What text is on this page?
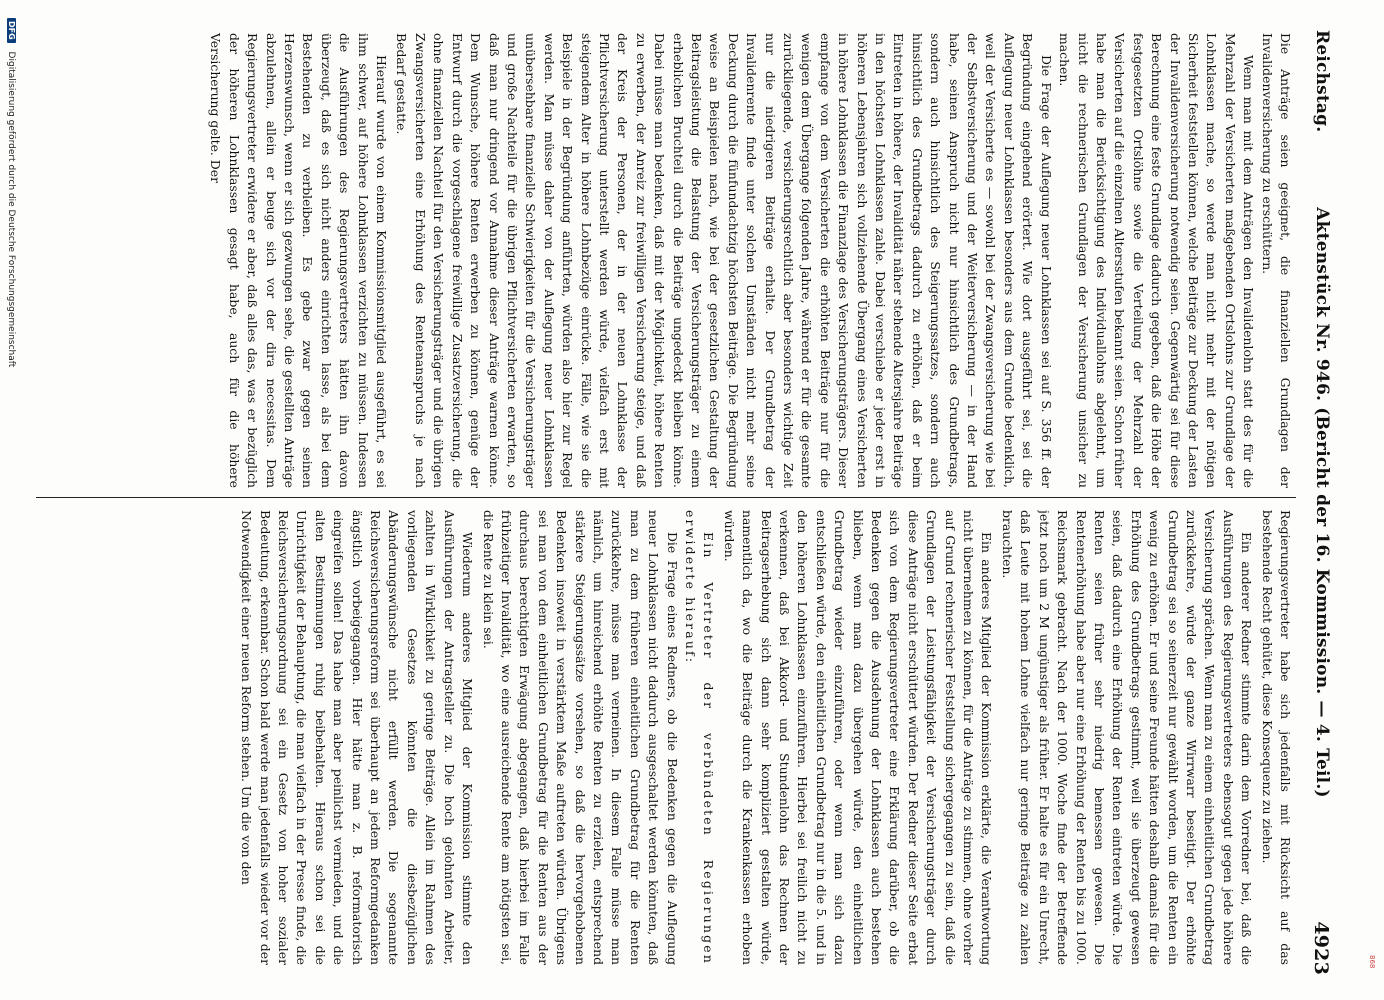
868
Reichstag.
Aktenstück Nr. 946. (Bericht der 16. Kommission. — 4. Teil.)
4923

Die Anträge seien geeignet, die finanziellen Grundlagen der Invalidenversicherung zu erschüttern.

Wenn man mit dem Anträgen den Invalidenlohn statt des für die Mehrzahl der Versicherten maßgebenden Ortslohns zur Grundlage der Lohnklassen mache, so werde man nicht mehr mit der nötigen Sicherheit feststellen können, welche Beiträge zur Deckung der Lasten der Invalidenversicherung notwendig seien. Gegenwärtig sei für diese Berechnung eine feste Grundlage dadurch gegeben, daß die Höhe der festgesetzten Ortslöhne sowie die Verteilung der Mehrzahl der Versicherten auf die einzelnen Altersstufen bekannt seien. Schon früher habe man die Berücksichtigung des Individuallohns abgelehnt, um nicht die rechnerischen Grundlagen der Versicherung unsicher zu machen.

Die Frage der Auflegung neuer Lohnklassen sei auf S. 356 ff. der Begründung eingehend erörtert. Wie dort ausgeführt sei, sei die Auflegung neuer Lohnklassen besonders aus dem Grunde bedenklich, weil der Versicherte es — sowohl bei der Zwangsversicherung wie bei der Selbstversicherung und der Weiterversicherung — in der Hand habe, seinen Anspruch nicht nur hinsichtlich des Grundbetrags, sondern auch hinsichtlich des Steigerungssatzes, sondern auch hinsichtlich des Grundbetrags dadurch zu erhöhen, daß er beim Eintreten in höhere, der Invalidität näher stehende Altersjahre Beiträge in den höchsten Lohnklassen zahle. Dabei verschiebe er jeder erst in höheren Lebensjahren sich vollziehende Übergang eines Versicherten in höhere Lohnklassen die Finanzlage des Versicherungsträgers. Dieser empfange von dem Versicherten die erhöhten Beiträge nur für die wenigen dem Übergange folgenden Jahre, während er für die gesamte zurückliegende, versicherungsrechtlich aber besonders wichtige Zeit nur die niedrigeren Beiträge erhalte. Der Grundbetrag der Invalidenrente finde unter solchen Umständen nicht mehr seine Deckung durch die fünfundachtzig höchsten Beiträge. Die Begründung weise an Beispielen nach, wie bei der gesetzlichen Gestaltung der Beitragsleistung die Belastung der Versicherungsträger zu einem erheblichen Bruchteil durch die Beiträge ungedeckt bleiben könne. Dabei müsse man bedenken, daß mit der Möglichkeit, höhere Renten zu erwerben, der Anreiz zur freiwilligen Versicherung steige, und daß der Kreis der Personen, der in der neuen Lohnklasse der Pflichtversicherung unterstellt werden würde, vielfach erst mit steigendem Alter in höhere Lohnbezüge einrücke. Fälle, wie sie die Beispiele in der Begründung anführten, würden also hier zur Regel werden. Man müsse daher von der Auflegung neuer Lohnklassen unübersehbare finanzielle Schwierigkeiten für die Versicherungsträger und große Nachteile für die übrigen Pflichtversicherten erwarten, so daß man nur dringend vor Annahme dieser Anträge warnen könne. Dem Wunsche, höhere Renten erwerben zu können, genüge der Entwurf durch die vorgeschlagene freiwillige Zusatzversicherung, die ohne finanziellen Nachteil für den Versicherungsträger und die übrigen Zwangsversicherten eine Erhöhung des Rentenanspruchs je nach Bedarf gestatte.

Hierauf wurde von einem Kommissionsmitglied ausgeführt, es sei ihm schwer, auf höhere Lohnklassen verzichten zu müssen. Indessen die Ausführungen des Regierungsvertreters hätten ihn davon überzeugt, daß es sich nicht anders einrichten lasse, als bei dem Bestehenden zu verbleiben. Es gebe zwar gegen seinen Herzenswunsch, wenn er sich gezwungen sehe, die gestellten Anträge abzulehnen, allein er beuge sich vor der dira necessitas. Dem Regierungsvertreter erwidere er aber, daß alles das, was er bezüglich der höheren Lohnklassen gesagt habe, auch für die höhere Versicherung gelte. Der

Regierungsvertreter habe sich jedenfalls mit Rücksicht auf das bestehende Recht gehütet, diese Konsequenz zu ziehen.

Ein anderer Redner stimmte darin dem Vorredner bei, daß die Ausführungen des Regierungsvertreters ebensogut gegen jede höhere Versicherung sprächen. Wenn man zu einem einheitlichen Grundbetrag zurückkehre, würde der ganze Wirrwarr beseitigt. Der erhöhte Grundbetrag sei so seinerzeit nur gewählt worden, um die Renten ein wenig zu erhöhen. Er und seine Freunde hätten deshalb damals für die Erhöhung des Grundbetrags gestimmt, weil sie überzeugt gewesen seien, daß dadurch eine Erhöhung der Renten eintreten würde. Die Renten seien früher sehr niedrig bemessen gewesen. Die Rentenerhöhung habe aber nur eine Erhöhung der Renten bis zu 1000. Reichsmark gebracht. Nach der 1000. Woche finde der Betreffende jetzt noch um 2 M ungünstiger als früher. Er halte es für ein Unrecht, daß Leute mit hohem Lohne vielfach nur geringe Beiträge zu zahlen brauchten.

Ein anderes Mitglied der Kommission erklärte, die Verantwortung nicht übernehmen zu können, für die Anträge zu stimmen, ohne vorher auf Grund rechnerischer Feststellung sichergegangen zu sein, daß die Grundlagen der Leistungsfähigkeit der Versicherungsträger durch diese Anträge nicht erschüttert würden. Der Redner dieser Seite erbat sich von dem Regierungsvertreter eine Erklärung darüber, ob die Bedenken gegen die Ausdehnung der Lohnklassen auch bestehen blieben, wenn man dazu übergehen würde, den einheitlichen Grundbetrag wieder einzuführen, oder wenn man sich dazu entschließen würde, den einheitlichen Grundbetrag nur in die 5. und in den höheren Lohnklassen einzuführen. Hierbei sei freilich nicht zu verkennen, daß bei Akkord- und Stundenlohn das Rechnen der Beitragserhebung sich dann sehr kompliziert gestalten würde, namentlich da, wo die Beiträge durch die Krankenkassen erhoben würden.

Ein Vertreter der verbündeten Regierungen erwiderte hierauf:

Die Frage eines Redners, ob die Bedenken gegen die Auflegung neuer Lohnklassen nicht dadurch ausgeschaltet werden könnten, daß man zu dem früheren einheitlichen Grundbetrag für die Renten zurückkehre, müsse man verneinen. In diesem Falle müsse man nämlich, um hinreichend erhöhte Renten zu erzielen, entsprechend stärkere Steigerungssätze vorsehen, so daß die hervorgehobenen Bedenken insoweit in verstärktem Maße auftreten würden. Übrigens sei man von dem einheitlichen Grundbetrag für die Renten aus der durchaus berechtigten Erwägung abgegangen, daß hierbei im Falle frühzeitiger Invalidität, wo eine ausreichende Rente am nötigsten sei, die Rente zu klein sei.

Wiederum anderes Mitglied der Kommission stimmte den Ausführungen der Antragsteller zu. Die hoch gelohnten Arbeiter, zahlten in Wirklichkeit zu geringe Beiträge. Allein im Rahmen des vorliegenden Gesetzes könnten die diesbezüglichen Abänderungswünsche nicht erfüllt werden. Die sogenannte Reichsversicherungsreform sei überhaupt an jedem Reformgedanken ängstlich vorbeigegangen. Hier hätte man z. B. reformatorisch eingreifen sollen! Das habe man aber peinlichst vermieden, und die alten Bestimmungen ruhig beibehalten. Hieraus schon sei die Unrichtigkeit der Behauptung, die man vielfach in der Presse finde, die Reichsversicherungsordnung sei ein Gesetz von hoher sozialer Bedeutung, erkennbar. Schon bald werde man jedenfalls wieder vor der Notwendigkeit einer neuen Reform stehen. Um die von den

DFG Digitalisierung gefördert durch die Deutsche Forschungsgemeinschaft
